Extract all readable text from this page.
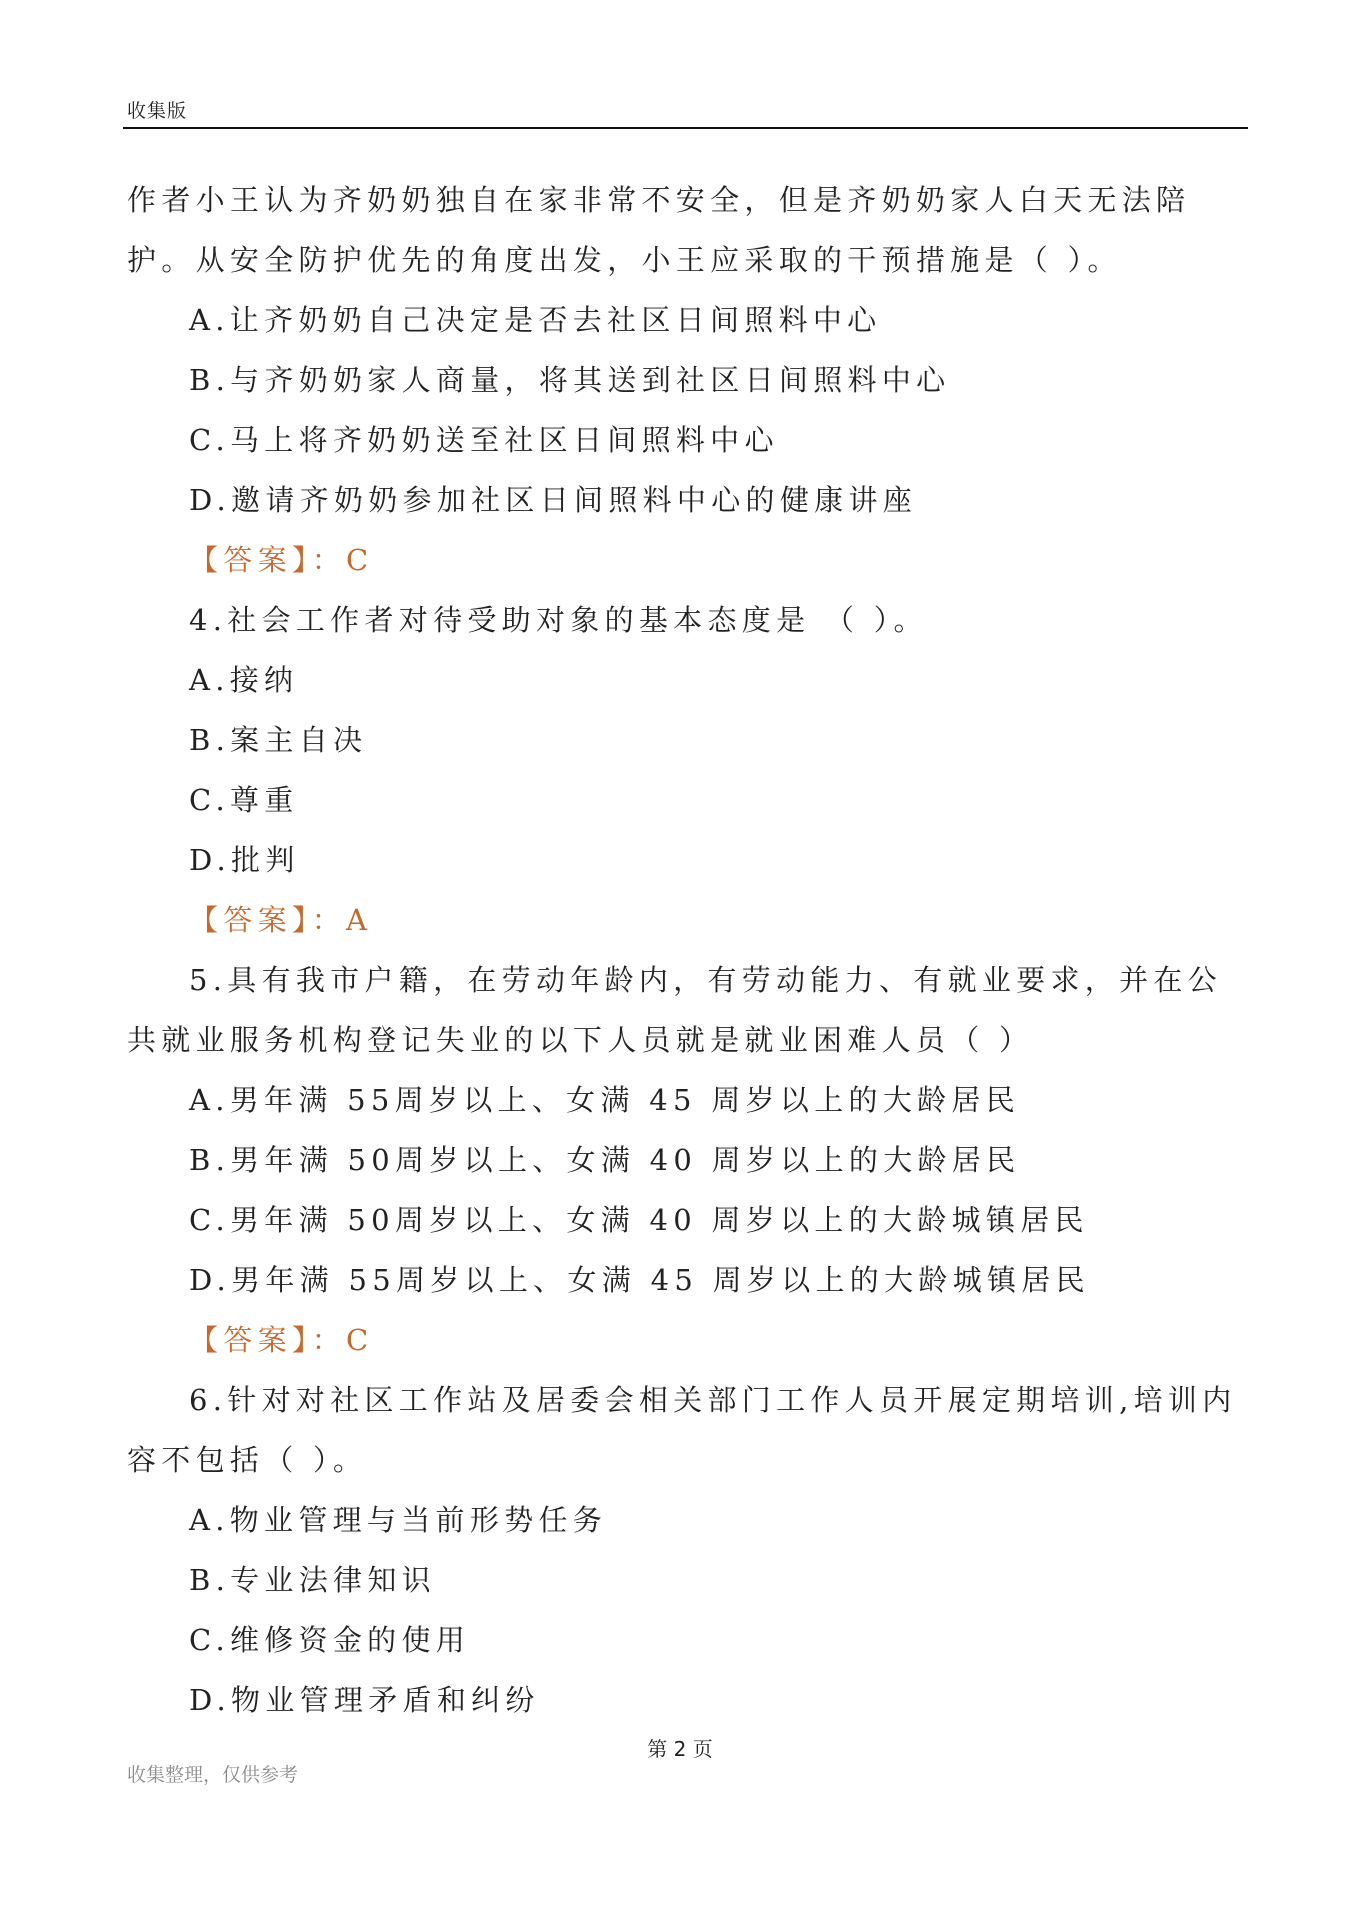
收集版
作者小王认为齐奶奶独自在家非常不安全，但是齐奶奶家人白天无法陪护。从安全防护优先的角度出发，小王应采取的干预措施是（ ）。
A.让齐奶奶自己决定是否去社区日间照料中心
B.与齐奶奶家人商量，将其送到社区日间照料中心
C.马上将齐奶奶送至社区日间照料中心
D.邀请齐奶奶参加社区日间照料中心的健康讲座
【答案】：C
4.社会工作者对待受助对象的基本态度是 （ ）。
A.接纳
B.案主自决
C.尊重
D.批判
【答案】：A
5.具有我市户籍，在劳动年龄内，有劳动能力、有就业要求，并在公共就业服务机构登记失业的以下人员就是就业困难人员（ ）
A.男年满 55周岁以上、女满 45 周岁以上的大龄居民
B.男年满 50周岁以上、女满 40 周岁以上的大龄居民
C.男年满 50周岁以上、女满 40 周岁以上的大龄城镇居民
D.男年满 55周岁以上、女满 45 周岁以上的大龄城镇居民
【答案】：C
6.针对对社区工作站及居委会相关部门工作人员开展定期培训,培训内容不包括（ ）。
A.物业管理与当前形势任务
B.专业法律知识
C.维修资金的使用
D.物业管理矛盾和纠纷
第 2 页
收集整理，仅供参考
